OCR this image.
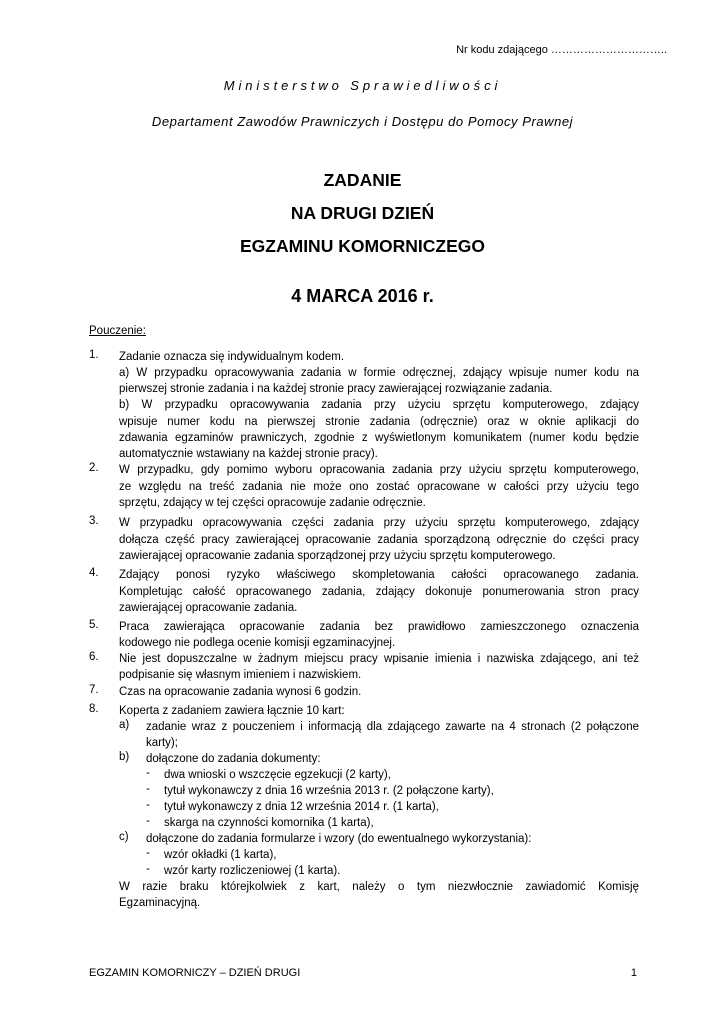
Nr kodu zdającego …………………………..

Ministerstwo Sprawiedliwości

Departament Zawodów Prawniczych i Dostępu do Pomocy Prawnej

ZADANIE

NA DRUGI DZIEŃ

EGZAMINU KOMORNICZEGO

4 MARCA 2016 r.

Pouczenie:

1. Zadanie oznacza się indywidualnym kodem.
a) W przypadku opracowywania zadania w formie odręcznej, zdający wpisuje numer kodu na
pierwszej stronie zadania i na każdej stronie pracy zawierającej rozwiązanie zadania.
b) W przypadku opracowywania zadania przy użyciu sprzętu komputerowego, zdający
wpisuje numer kodu na pierwszej stronie zadania (odręcznie) oraz w oknie aplikacji do
zdawania egzaminów prawniczych, zgodnie z wyświetlonym komunikatem (numer kodu będzie
automatycznie wstawiany na każdej stronie pracy).
2. W przypadku, gdy pomimo wyboru opracowania zadania przy użyciu sprzętu komputerowego,
ze względu na treść zadania nie może ono zostać opracowane w całości przy użyciu tego
sprzętu, zdający w tej części opracowuje zadanie odręcznie.
3. W przypadku opracowywania części zadania przy użyciu sprzętu komputerowego, zdający
dołącza część pracy zawierającej opracowanie zadania sporządzoną odręcznie do części pracy
zawierającej opracowanie zadania sporządzonej przy użyciu sprzętu komputerowego.
4. Zdający ponosi ryzyko właściwego skompletowania całości opracowanego zadania.
Kompletując całość opracowanego zadania, zdający dokonuje ponumerowania stron pracy
zawierającej opracowanie zadania.
5. Praca zawierająca opracowanie zadania bez prawidłowo zamieszczonego oznaczenia
kodowego nie podlega ocenie komisji egzaminacyjnej.
6. Nie jest dopuszczalne w żadnym miejscu pracy wpisanie imienia i nazwiska zdającego, ani też
podpisanie się własnym imieniem i nazwiskiem.
7. Czas na opracowanie zadania wynosi 6 godzin.
8. Koperta z zadaniem zawiera łącznie 10 kart:
a) zadanie wraz z pouczeniem i informacją dla zdającego zawarte na 4 stronach (2 połączone
karty);
b) dołączone do zadania dokumenty:
- dwa wnioski o wszczęcie egzekucji (2 karty),
- tytuł wykonawczy z dnia 16 września 2013 r. (2 połączone karty),
- tytuł wykonawczy z dnia 12 września 2014 r. (1 karta),
- skarga na czynności komornika (1 karta),
c) dołączone do zadania formularze i wzory (do ewentualnego wykorzystania):
- wzór okładki (1 karta),
- wzór karty rozliczeniowej (1 karta).
W razie braku którejkolwiek z kart, należy o tym niezwłocznie zawiadomić Komisję
Egzaminacyjną.

EGZAMIN KOMORNICZY – DZIEŃ DRUGI	1
